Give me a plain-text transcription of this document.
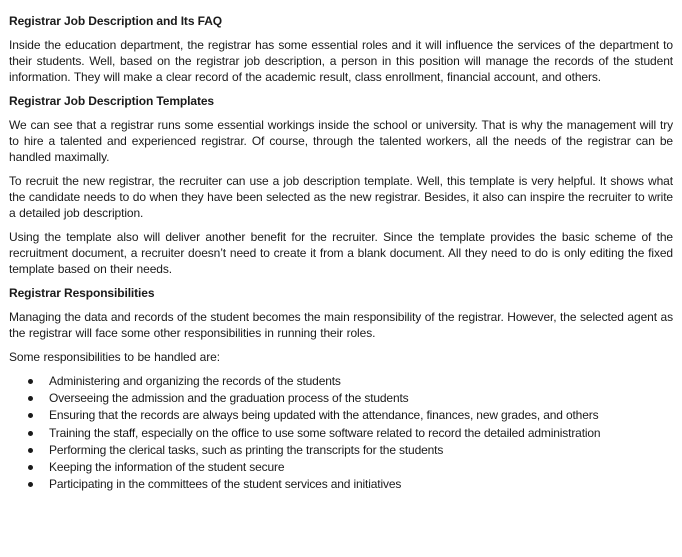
Registrar Job Description and Its FAQ

Inside the education department, the registrar has some essential roles and it will influence the services of the department to their students. Well, based on the registrar job description, a person in this position will manage the records of the student information. They will make a clear record of the academic result, class enrollment, financial account, and others.

Registrar Job Description Templates

We can see that a registrar runs some essential workings inside the school or university. That is why the management will try to hire a talented and experienced registrar. Of course, through the talented workers, all the needs of the registrar can be handled maximally.

To recruit the new registrar, the recruiter can use a job description template. Well, this template is very helpful. It shows what the candidate needs to do when they have been selected as the new registrar. Besides, it also can inspire the recruiter to write a detailed job description.

Using the template also will deliver another benefit for the recruiter. Since the template provides the basic scheme of the recruitment document, a recruiter doesn’t need to create it from a blank document. All they need to do is only editing the fixed template based on their needs.

Registrar Responsibilities

Managing the data and records of the student becomes the main responsibility of the registrar. However, the selected agent as the registrar will face some other responsibilities in running their roles.

Some responsibilities to be handled are:

Administering and organizing the records of the students
Overseeing the admission and the graduation process of the students
Ensuring that the records are always being updated with the attendance, finances, new grades, and others
Training the staff, especially on the office to use some software related to record the detailed administration
Performing the clerical tasks, such as printing the transcripts for the students
Keeping the information of the student secure
Participating in the committees of the student services and initiatives
